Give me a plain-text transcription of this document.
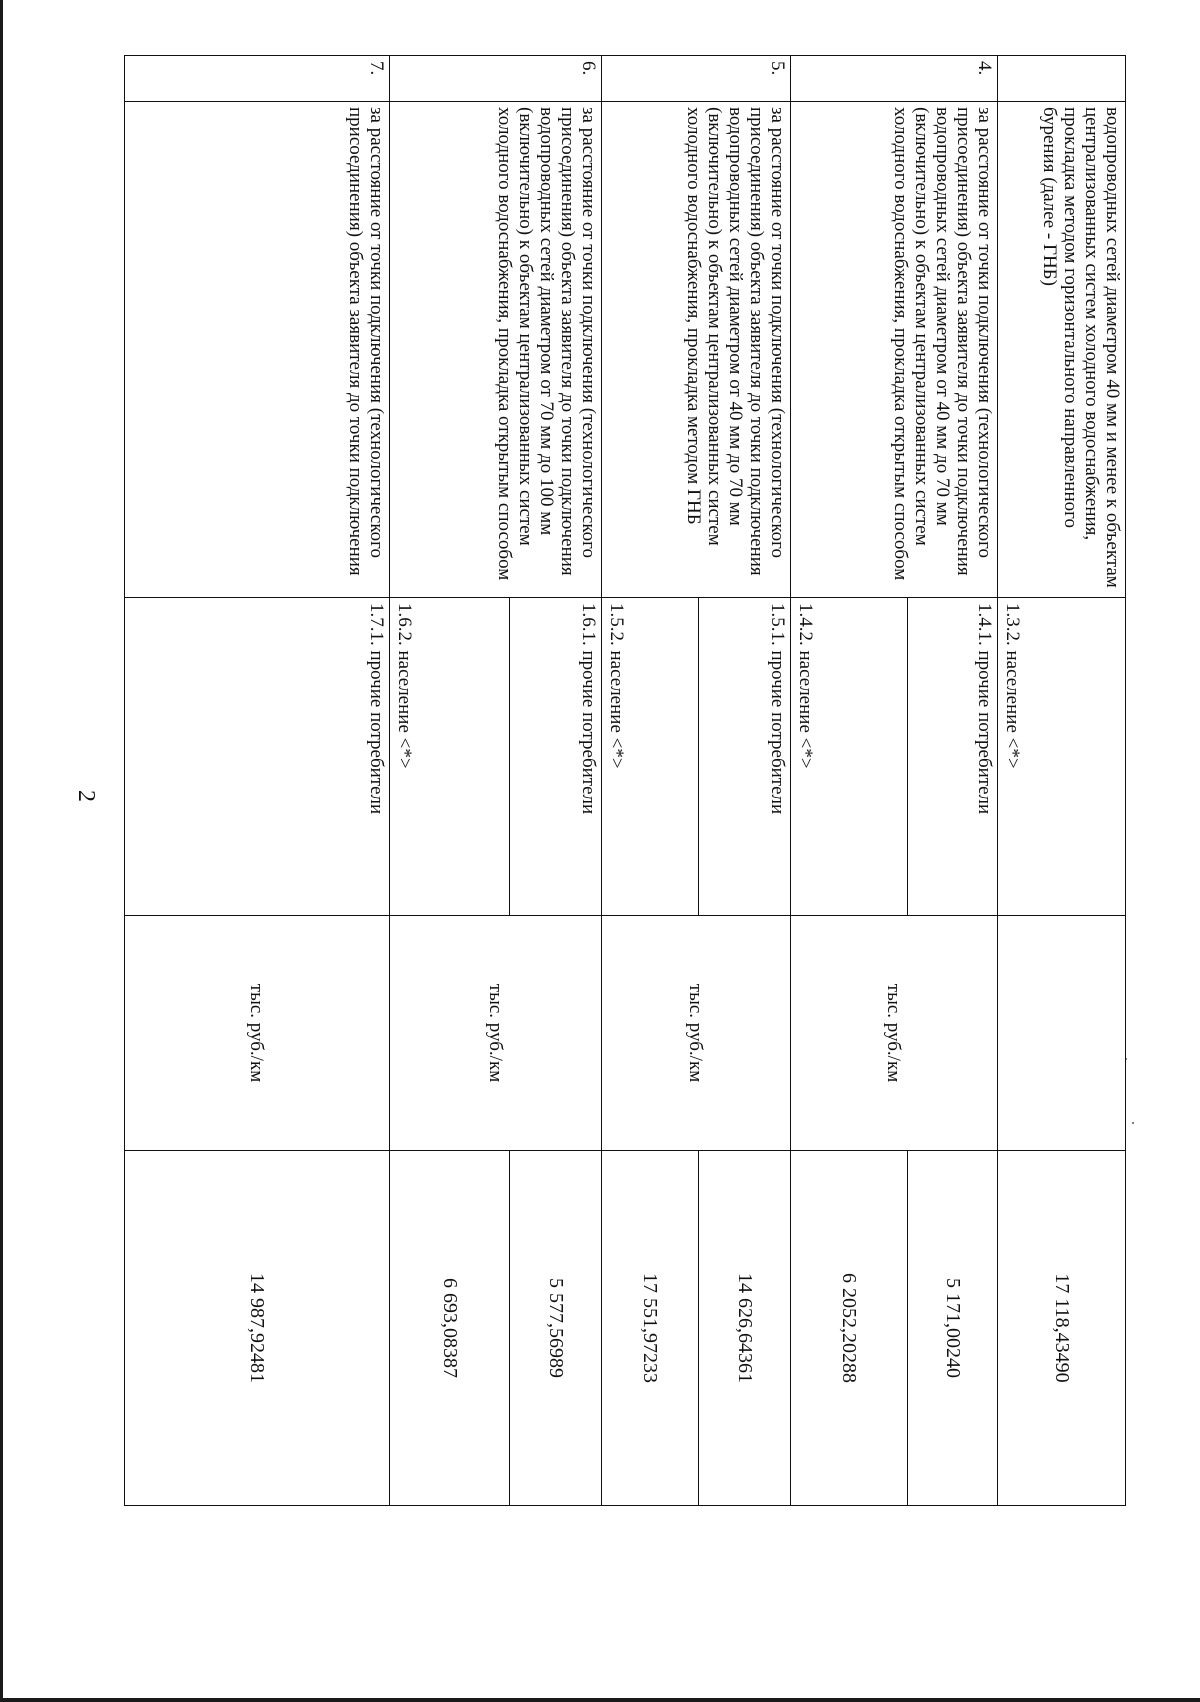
2
	водопроводных сетей диаметром 40 мм и менее к объектам централизованных систем холодного водоснабжения, прокладка методом горизонтального направленного бурения (далее - ГНБ)	1.3.2. население <*>		17 118,43490
4.	за расстояние от точки подключения (технологического присоединения) объекта заявителя до точки подключения водопроводных сетей диаметром от 40 мм до 70 мм (включительно) к объектам централизованных систем холодного водоснабжения, прокладка открытым способом	1.4.1. прочие потребители	тыс. руб./км	5 171,00240
		1.4.2. население <*>		6 2052,20288
5.	за расстояние от точки подключения (технологического присоединения) объекта заявителя до точки подключения водопроводных сетей диаметром от 40 мм до 70 мм (включительно) к объектам централизованных систем холодного водоснабжения, прокладка методом ГНБ	1.5.1. прочие потребители	тыс. руб./км	14 626,64361
		1.5.2. население <*>		17 551,97233
6.	за расстояние от точки подключения (технологического присоединения) объекта заявителя до точки подключения водопроводных сетей диаметром от 70 мм до 100 мм (включительно) к объектам централизованных систем холодного водоснабжения, прокладка открытым способом	1.6.1. прочие потребители	тыс. руб./км	5 577,56989
		1.6.2. население <*>		6 693,08387
7.	за расстояние от точки подключения (технологического присоединения) объекта заявителя до точки подключения	1.7.1. прочие потребители	тыс. руб./км	14 987,92481
